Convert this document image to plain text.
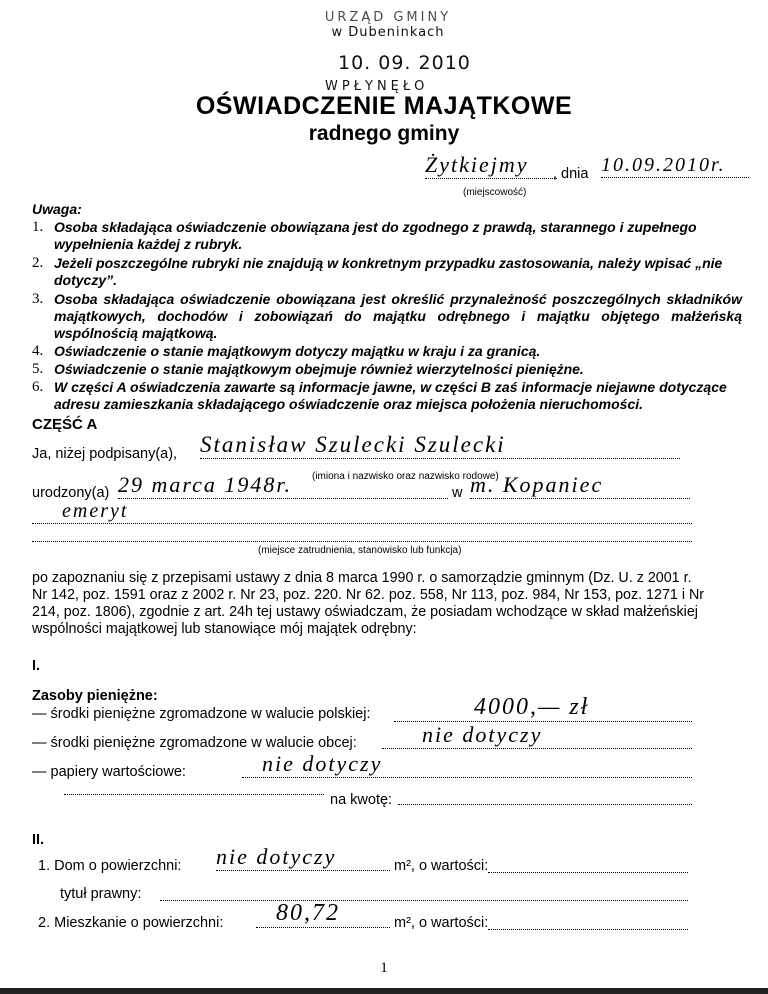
URZĄD GMINY
w Dubeninkach
10. 09. 2010
WPŁYNĘŁO
OŚWIADCZENIE MAJĄTKOWE
radnego gminy
Żytkiejmy	, dnia 10.09.2010r.
(miejscowość)
Uwaga:
1. Osoba składająca oświadczenie obowiązana jest do zgodnego z prawdą, starannego i zupełnego wypełnienia każdej z rubryk.
2. Jeżeli poszczególne rubryki nie znajdują w konkretnym przypadku zastosowania, należy wpisać „nie dotyczy”.
3. Osoba składająca oświadczenie obowiązana jest określić przynależność poszczególnych składników majątkowych, dochodów i zobowiązań do majątku odrębnego i majątku objętego małżeńską wspólnością majątkową.
4. Oświadczenie o stanie majątkowym dotyczy majątku w kraju i za granicą.
5. Oświadczenie o stanie majątkowym obejmuje również wierzytelności pieniężne.
6. W części A oświadczenia zawarte są informacje jawne, w części B zaś informacje niejawne dotyczące adresu zamieszkania składającego oświadczenie oraz miejsca położenia nieruchomości.
CZĘŚĆ A
Ja, niżej podpisany(a), Stanisław Szulecki Szulecki
(imiona i nazwisko oraz nazwisko rodowe)
urodzony(a) 29 marca 1948r.	w m. Kopaniec
emeryt
(miejsce zatrudnienia, stanowisko lub funkcja)
po zapoznaniu się z przepisami ustawy z dnia 8 marca 1990 r. o samorządzie gminnym (Dz. U. z 2001 r. Nr 142, poz. 1591 oraz z 2002 r. Nr 23, poz. 220. Nr 62. poz. 558, Nr 113, poz. 984, Nr 153, poz. 1271 i Nr 214, poz. 1806), zgodnie z art. 24h tej ustawy oświadczam, że posiadam wchodzące w skład małżeńskiej wspólności majątkowej lub stanowiące mój majątek odrębny:
I.
Zasoby pieniężne:
— środki pieniężne zgromadzone w walucie polskiej:	4000,— zł
— środki pieniężne zgromadzone w walucie obcej:	nie dotyczy
— papiery wartościowe:	nie dotyczy
na kwotę:
II.
1. Dom o powierzchni: nie dotyczy	m², o wartości:
tytuł prawny:
2. Mieszkanie o powierzchni:	80,72	m², o wartości:
1
